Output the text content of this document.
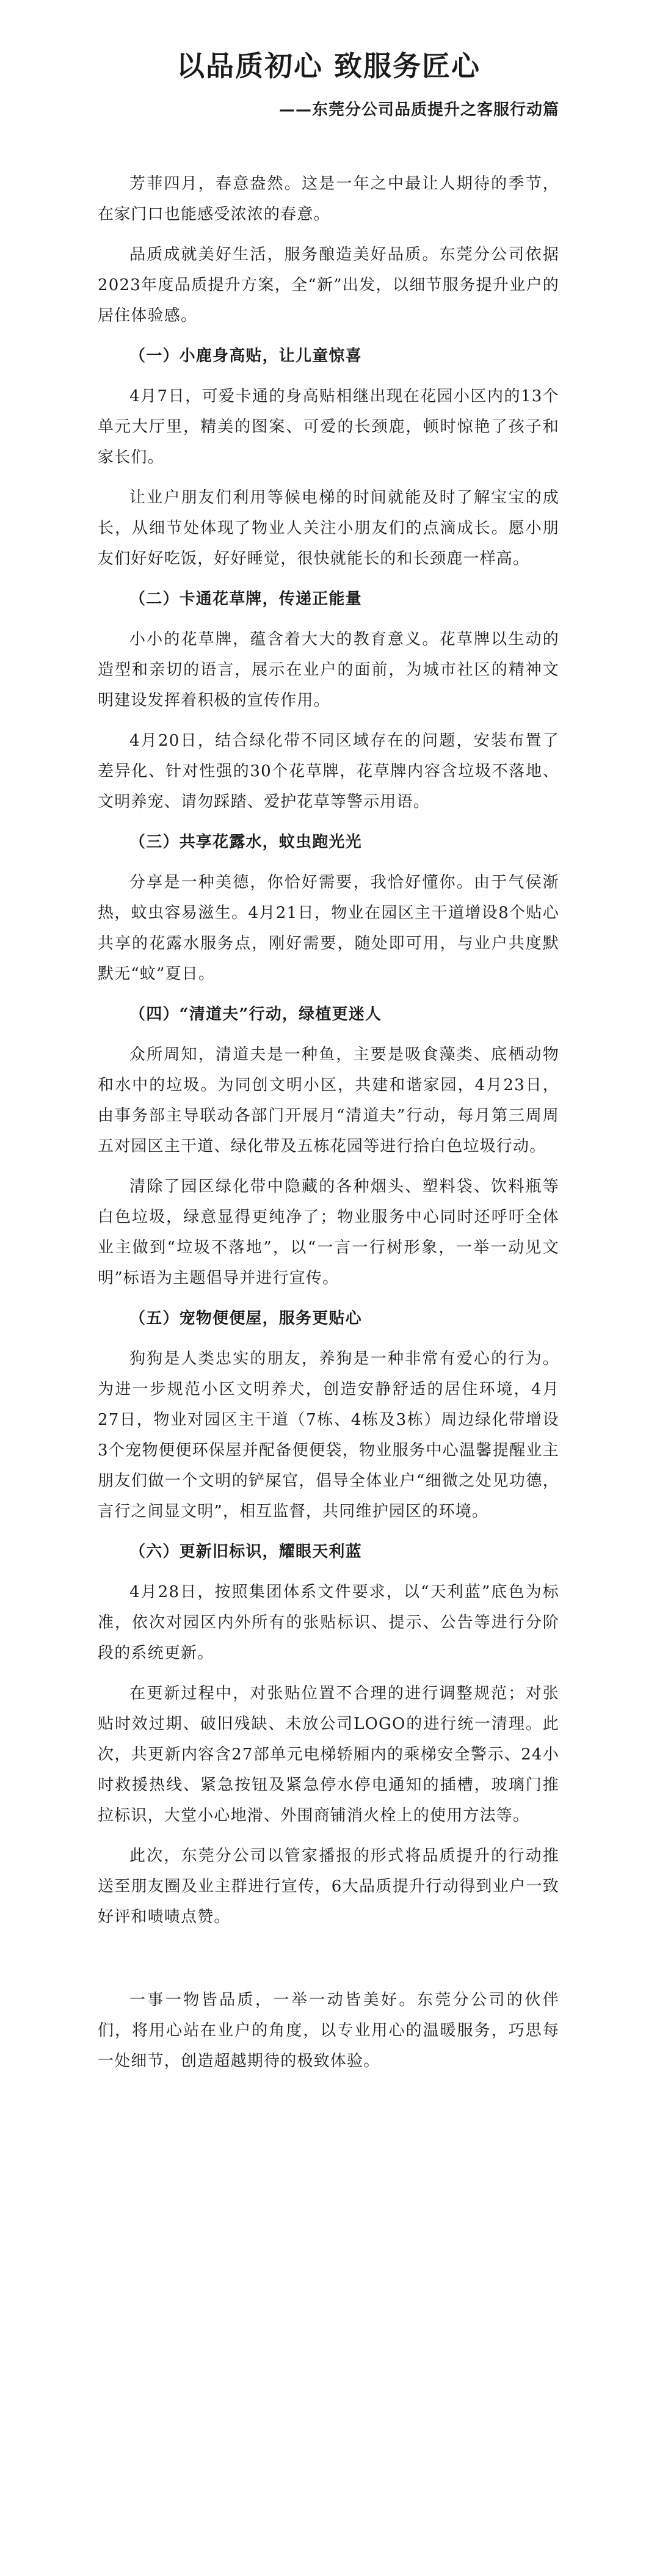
以品质初心 致服务匠心
——东莞分公司品质提升之客服行动篇

芳菲四月，春意盎然。这是一年之中最让人期待的季节，在家门口也能感受浓浓的春意。

品质成就美好生活，服务酿造美好品质。东莞分公司依据2023年度品质提升方案，全“新”出发，以细节服务提升业户的居住体验感。

（一）小鹿身高贴，让儿童惊喜

4月7日，可爱卡通的身高贴相继出现在花园小区内的13个单元大厅里，精美的图案、可爱的长颈鹿，顿时惊艳了孩子和家长们。

让业户朋友们利用等候电梯的时间就能及时了解宝宝的成长，从细节处体现了物业人关注小朋友们的点滴成长。愿小朋友们好好吃饭，好好睡觉，很快就能长的和长颈鹿一样高。

（二）卡通花草牌，传递正能量

小小的花草牌，蕴含着大大的教育意义。花草牌以生动的造型和亲切的语言，展示在业户的面前，为城市社区的精神文明建设发挥着积极的宣传作用。

4月20日，结合绿化带不同区域存在的问题，安装布置了差异化、针对性强的30个花草牌，花草牌内容含垃圾不落地、文明养宠、请勿踩踏、爱护花草等警示用语。

（三）共享花露水，蚊虫跑光光

分享是一种美德，你恰好需要，我恰好懂你。由于气侯渐热，蚊虫容易滋生。4月21日，物业在园区主干道增设8个贴心共享的花露水服务点，刚好需要，随处即可用，与业户共度默默无“蚊”夏日。

（四）“清道夫”行动，绿植更迷人

众所周知，清道夫是一种鱼，主要是吸食藻类、底栖动物和水中的垃圾。为同创文明小区，共建和谐家园，4月23日，由事务部主导联动各部门开展月“清道夫”行动，每月第三周周五对园区主干道、绿化带及五栋花园等进行拾白色垃圾行动。

清除了园区绿化带中隐藏的各种烟头、塑料袋、饮料瓶等白色垃圾，绿意显得更纯净了；物业服务中心同时还呼吁全体业主做到“垃圾不落地”，以“一言一行树形象，一举一动见文明”标语为主题倡导并进行宣传。

（五）宠物便便屋，服务更贴心

狗狗是人类忠实的朋友，养狗是一种非常有爱心的行为。为进一步规范小区文明养犬，创造安静舒适的居住环境，4月27日，物业对园区主干道（7栋、4栋及3栋）周边绿化带增设3个宠物便便环保屋并配备便便袋，物业服务中心温馨提醒业主朋友们做一个文明的铲屎官，倡导全体业户“细微之处见功德，言行之间显文明”，相互监督，共同维护园区的环境。

（六）更新旧标识，耀眼天利蓝

4月28日，按照集团体系文件要求，以“天利蓝”底色为标准，依次对园区内外所有的张贴标识、提示、公告等进行分阶段的系统更新。

在更新过程中，对张贴位置不合理的进行调整规范；对张贴时效过期、破旧残缺、未放公司LOGO的进行统一清理。此次，共更新内容含27部单元电梯轿厢内的乘梯安全警示、24小时救援热线、紧急按钮及紧急停水停电通知的插槽，玻璃门推拉标识，大堂小心地滑、外围商铺消火栓上的使用方法等。

此次，东莞分公司以管家播报的形式将品质提升的行动推送至朋友圈及业主群进行宣传，6大品质提升行动得到业户一致好评和啧啧点赞。

一事一物皆品质，一举一动皆美好。东莞分公司的伙伴们，将用心站在业户的角度，以专业用心的温暖服务，巧思每一处细节，创造超越期待的极致体验。
